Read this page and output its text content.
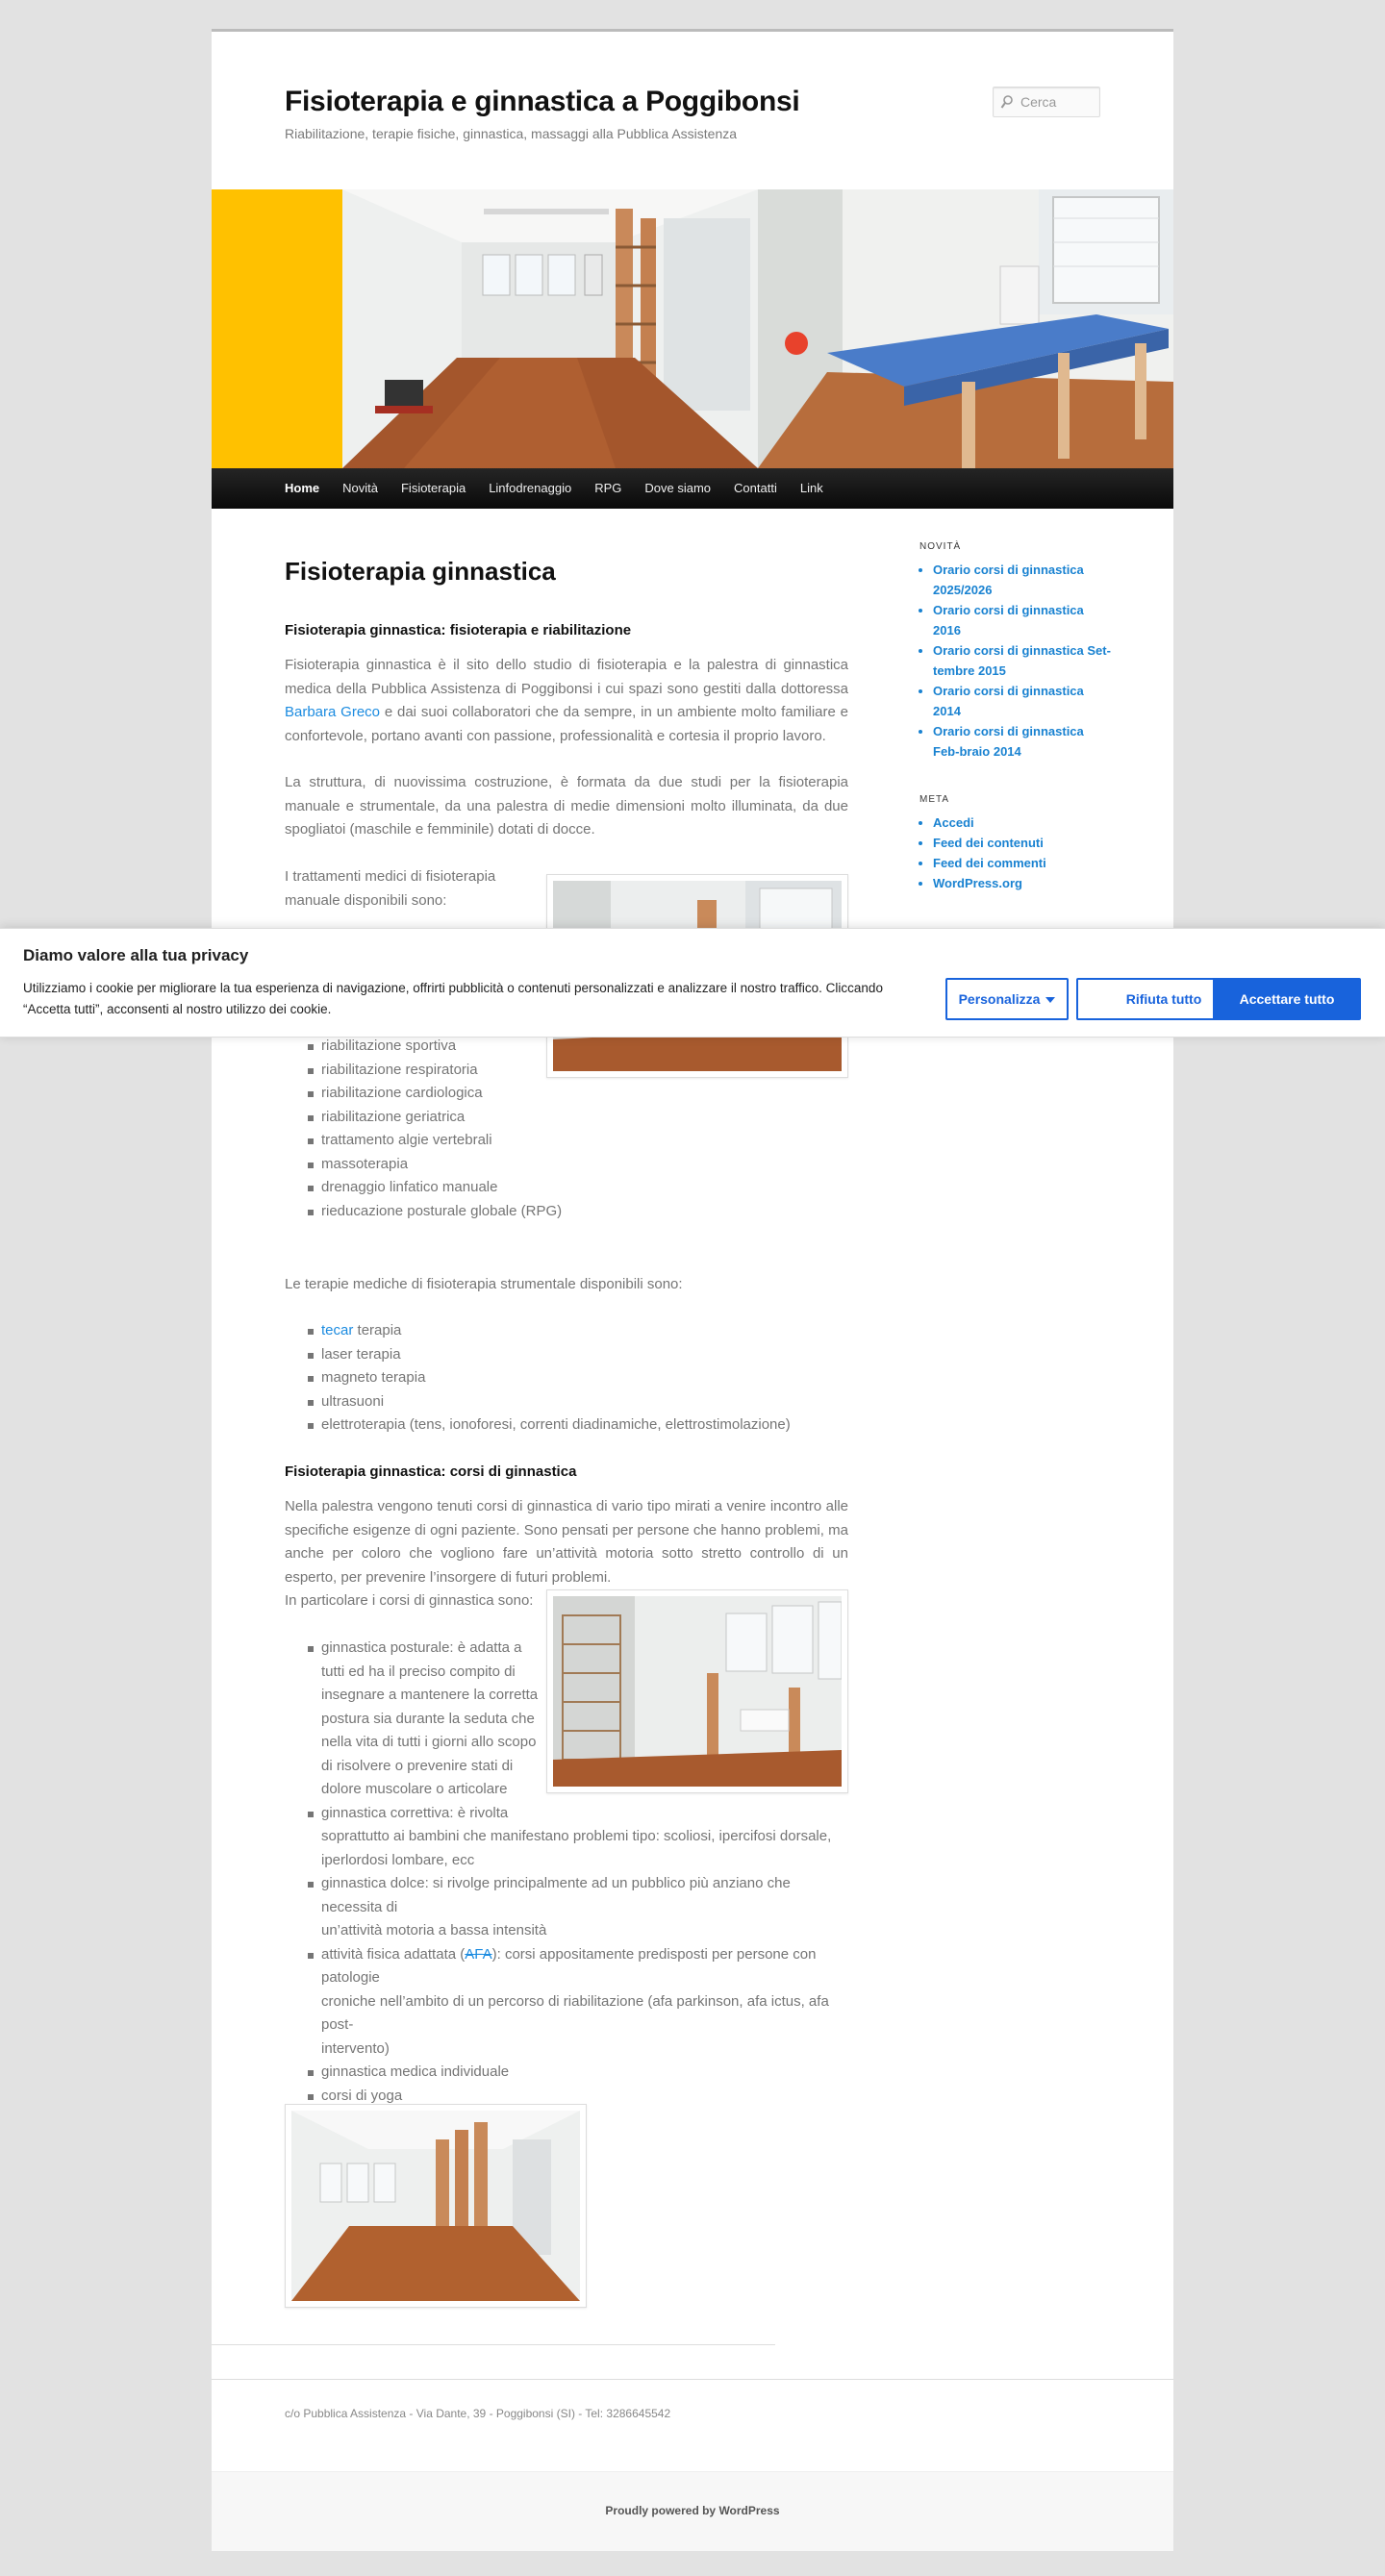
Fisioterapia e ginnastica a Poggibonsi
Riabilitazione, terapie fisiche, ginnastica, massaggi alla Pubblica Assistenza
Cerca
Home	Novità	Fisioterapia	Linfodrenaggio	RPG	Dove siamo	Contatti	Link
Fisioterapia ginnastica
Fisioterapia ginnastica: fisioterapia e riabilitazione

Fisioterapia ginnastica è il sito dello studio di fisioterapia e la palestra di ginnastica medica della Pubblica Assistenza di Poggibonsi i cui spazi sono gestiti dalla dottoressa Barbara Greco e dai suoi collaboratori che da sempre, in un ambiente molto familiare e confortevole, portano avanti con passione, professionalità e cortesia il proprio lavoro.

La struttura, di nuovissima costruzione, è formata da due studi per la fisioterapia manuale e strumentale, da una palestra di medie dimensioni molto illuminata, da due spogliatoi (maschile e femminile) dotati di docce.

I trattamenti medici di fisioterapia manuale disponibili sono:

riabilitazione sportiva
riabilitazione respiratoria
riabilitazione cardiologica
riabilitazione geriatrica
trattamento algie vertebrali
massoterapia
drenaggio linfatico manuale
rieducazione posturale globale (RPG)

Le terapie mediche di fisioterapia strumentale disponibili sono:

tecar terapia
laser terapia
magneto terapia
ultrasuoni
elettroterapia (tens, ionoforesi, correnti diadinamiche, elettrostimolazione)
Fisioterapia ginnastica: corsi di ginnastica

Nella palestra vengono tenuti corsi di ginnastica di vario tipo mirati a venire incontro alle specifiche esigenze di ogni paziente. Sono pensati per persone che hanno problemi, ma anche per coloro che vogliono fare un’attività motoria sotto stretto controllo di un esperto, per prevenire l’insorgere di futuri problemi.

In particolare i corsi di ginnastica sono:

ginnastica posturale: è adatta a
tutti ed ha il preciso compito di
insegnare a mantenere la corretta
postura sia durante la seduta che
nella vita di tutti i giorni allo scopo
di risolvere o prevenire stati di
dolore muscolare o articolare
ginnastica correttiva: è rivolta
soprattutto ai bambini che manifestano problemi tipo: scoliosi, ipercifosi dorsale,
iperlordosi lombare, ecc
ginnastica dolce: si rivolge principalmente ad un pubblico più anziano che necessita di
un’attività motoria a bassa intensità
attività fisica adattata (AFA): corsi appositamente predisposti per persone con patologie
croniche nell’ambito di un percorso di riabilitazione (afa parkinson, afa ictus, afa post-
intervento)
ginnastica medica individuale
corsi di yoga
NOVITÀ
• Orario corsi di ginnastica 2025/2026
• Orario corsi di ginnastica 2016
• Orario corsi di ginnastica Set-tembre 2015
• Orario corsi di ginnastica 2014
• Orario corsi di ginnastica Feb-braio 2014
META
• Accedi
• Feed dei contenuti
• Feed dei commenti
• WordPress.org
c/o Pubblica Assistenza - Via Dante, 39 - Poggibonsi (SI) - Tel: 3286645542
Proudly powered by WordPress
Diamo valore alla tua privacy
Utilizziamo i cookie per migliorare la tua esperienza di navigazione, offrirti pubblicità o contenuti personalizzati e analizzare il nostro traffico. Cliccando “Accetta tutti”, acconsenti al nostro utilizzo dei cookie.
Personalizza	Rifiuta tutto	Accettare tutto
